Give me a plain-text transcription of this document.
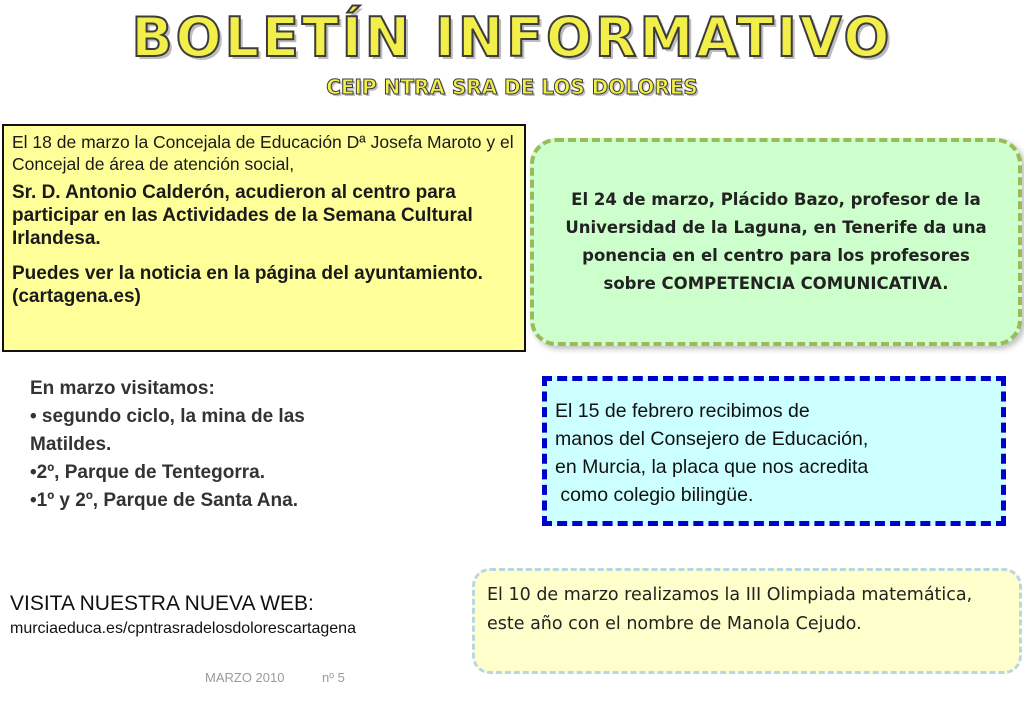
BOLETÍN INFORMATIVO
CEIP NTRA SRA DE LOS DOLORES

El 18 de marzo la Concejala de Educación Dª Josefa Maroto y el Concejal de área de atención social,

Sr. D. Antonio Calderón, acudieron al centro para participar en las Actividades de la Semana Cultural Irlandesa.

Puedes ver la noticia en la página del ayuntamiento. (cartagena.es)

El 24 de marzo, Plácido Bazo, profesor de la Universidad de la Laguna, en Tenerife da una ponencia en el centro para los profesores sobre COMPETENCIA COMUNICATIVA.

En marzo visitamos:
• segundo ciclo, la mina de las
Matildes.
•2º, Parque de Tentegorra.
•1º y 2º, Parque de Santa Ana.
El 15 de febrero recibimos de
manos del Consejero de Educación,
en Murcia, la placa que nos acredita
como colegio bilingüe.
VISITA NUESTRA NUEVA WEB:
murciaeduca.es/cpntrasradelosdolorescartagena

El 10 de marzo realizamos la III Olimpiada matemática, este año con el nombre de Manola Cejudo.

MARZO 2010	nº 5
